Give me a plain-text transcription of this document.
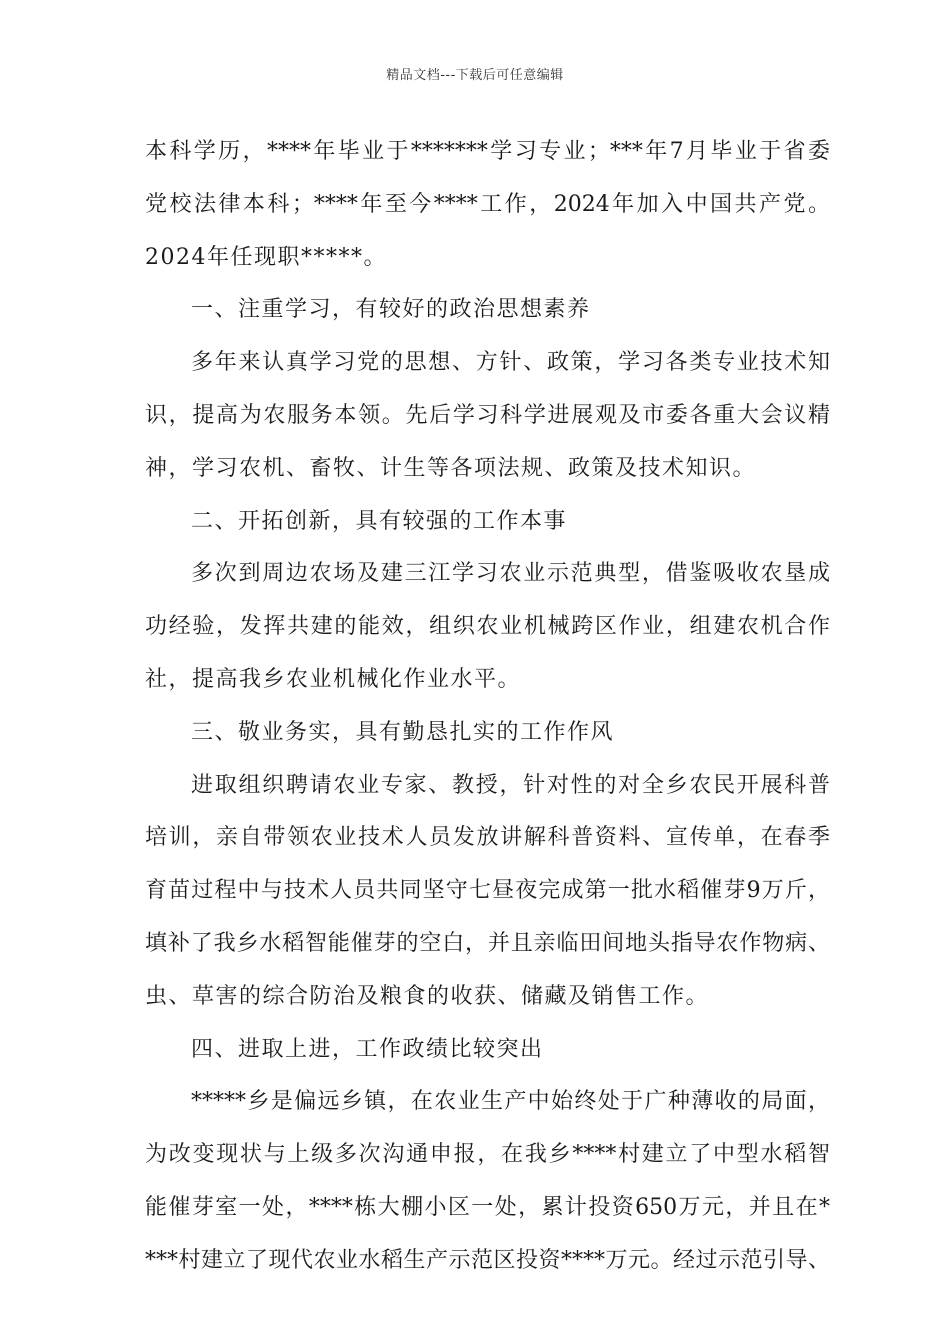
精品文档---下载后可任意编辑
本科学历，****年毕业于*******学习专业；***年7月毕业于省委
党校法律本科；****年至今****工作，2024年加入中国共产党。
2024年任现职*****。
一、注重学习，有较好的政治思想素养
多年来认真学习党的思想、方针、政策，学习各类专业技术知
识，提高为农服务本领。先后学习科学进展观及市委各重大会议精
神，学习农机、畜牧、计生等各项法规、政策及技术知识。
二、开拓创新，具有较强的工作本事
多次到周边农场及建三江学习农业示范典型，借鉴吸收农垦成
功经验，发挥共建的能效，组织农业机械跨区作业，组建农机合作
社，提高我乡农业机械化作业水平。
三、敬业务实，具有勤恳扎实的工作作风
进取组织聘请农业专家、教授，针对性的对全乡农民开展科普
培训，亲自带领农业技术人员发放讲解科普资料、宣传单，在春季
育苗过程中与技术人员共同坚守七昼夜完成第一批水稻催芽9万斤，
填补了我乡水稻智能催芽的空白，并且亲临田间地头指导农作物病、
虫、草害的综合防治及粮食的收获、储藏及销售工作。
四、进取上进，工作政绩比较突出
*****乡是偏远乡镇，在农业生产中始终处于广种薄收的局面，
为改变现状与上级多次沟通申报，在我乡****村建立了中型水稻智
能催芽室一处，****栋大棚小区一处，累计投资650万元，并且在*
***村建立了现代农业水稻生产示范区投资****万元。经过示范引导、
